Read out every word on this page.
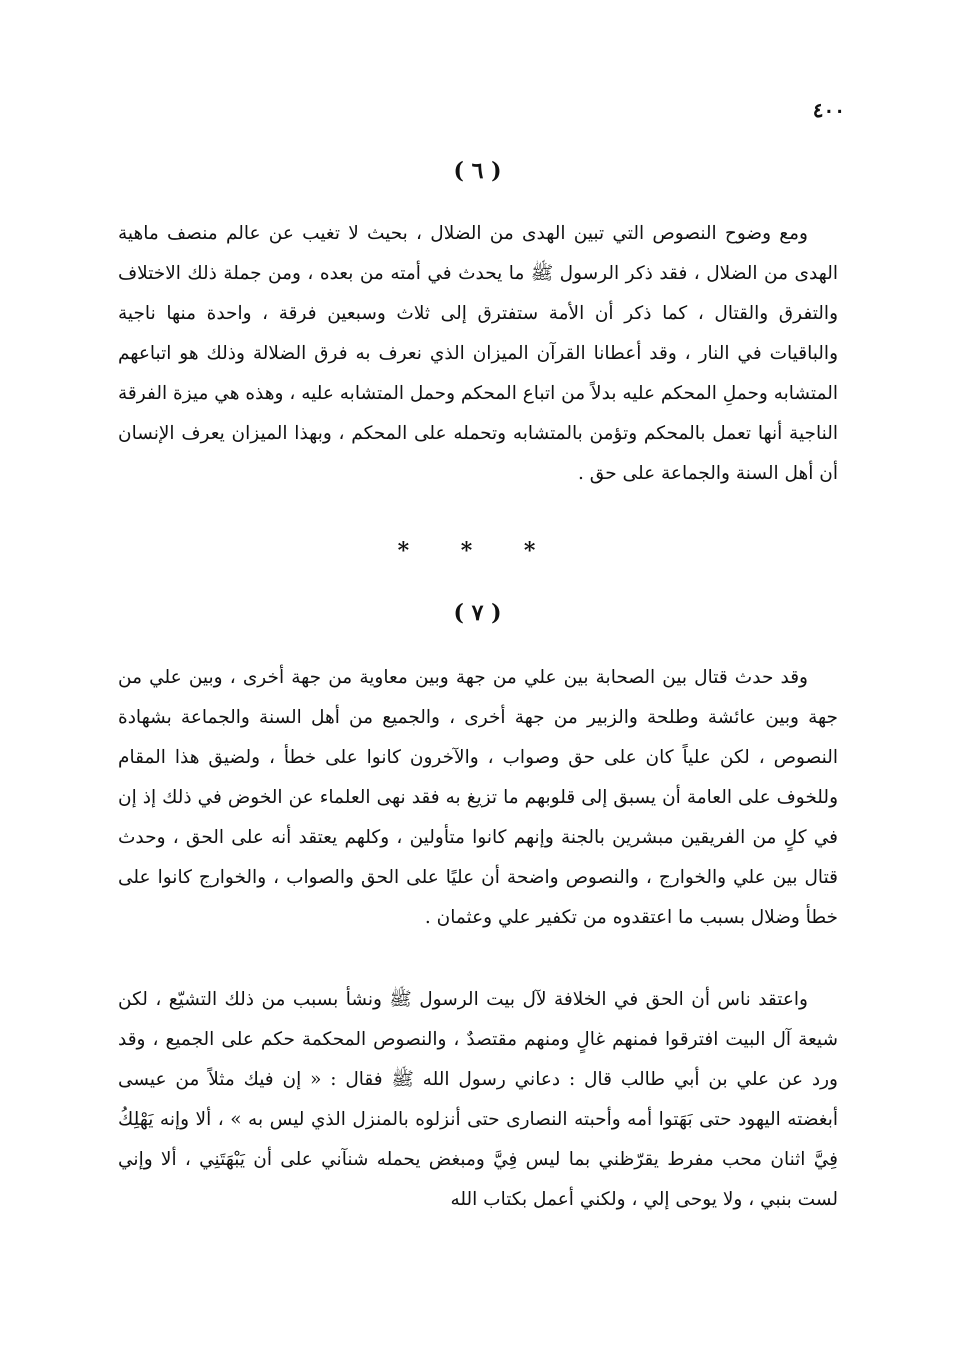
٤٠٠
( ٦ )

ومع وضوح النصوص التي تبين الهدى من الضلال ، بحيث لا تغيب عن عالم منصف ماهية الهدى من الضلال ، فقد ذكر الرسول ﷺ ما يحدث في أمته من بعده ، ومن جملة ذلك الاختلاف والتفرق والقتال ، كما ذكر أن الأمة ستفترق إلى ثلاث وسبعين فرقة ، واحدة منها ناجية والباقيات في النار ، وقد أعطانا القرآن الميزان الذي نعرف به فرق الضلالة وذلك هو اتباعهم المتشابه وحملِ المحكم عليه بدلاً من اتباع المحكم وحمل المتشابه عليه ، وهذه هي ميزة الفرقة الناجية أنها تعمل بالمحكم وتؤمن بالمتشابه وتحمله على المحكم ، وبهذا الميزان يعرف الإنسان أن أهل السنة والجماعة على حق .

* * *
( ٧ )

وقد حدث قتال بين الصحابة بين علي من جهة وبين معاوية من جهة أخرى ، وبين علي من جهة وبين عائشة وطلحة والزبير من جهة أخرى ، والجميع من أهل السنة والجماعة بشهادة النصوص ، لكن علياً كان على حق وصواب ، والآخرون كانوا على خطأ ، ولضيق هذا المقام وللخوف على العامة أن يسبق إلى قلوبهم ما تزيغ به فقد نهى العلماء عن الخوض في ذلك إذ إن في كلٍ من الفريقين مبشرين بالجنة وإنهم كانوا متأولين ، وكلهم يعتقد أنه على الحق ، وحدث قتال بين علي والخوارج ، والنصوص واضحة أن عليًا على الحق والصواب ، والخوارج كانوا على خطأ وضلال بسبب ما اعتقدوه من تكفير علي وعثمان .

واعتقد ناس أن الحق في الخلافة لآل بيت الرسول ﷺ ونشأ بسبب من ذلك التشيّع ، لكن شيعة آل البيت افترقوا فمنهم غالٍ ومنهم مقتصدٌ ، والنصوص المحكمة حكم على الجميع ، وقد ورد عن علي بن أبي طالب قال : دعاني رسول الله ﷺ فقال : « إن فيك مثلاً من عيسى أبغضته اليهود حتى بَهَتوا أمه وأحبته النصارى حتى أنزلوه بالمنزل الذي ليس به » ، ألا وإنه يَهْلِكُ فِيَّ اثنان محب مفرط يقرّظني بما ليس فِيَّ ومبغض يحمله شنآني على أن يَبْهَتَنِي ، ألا وإني لست بنبي ، ولا يوحى إلي ، ولكني أعمل بكتاب الله
